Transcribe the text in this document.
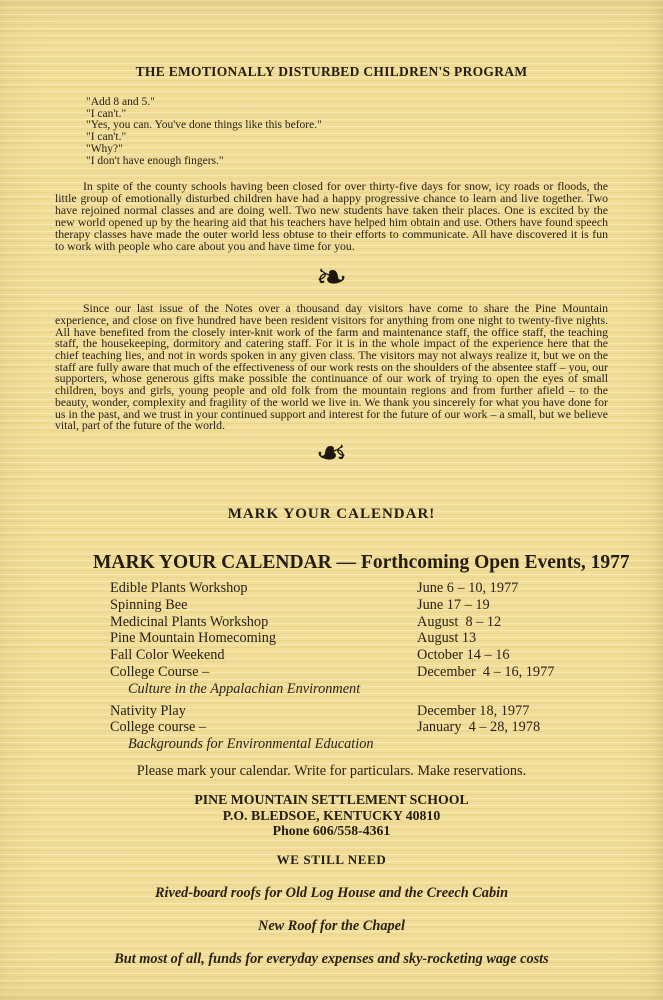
THE EMOTIONALLY DISTURBED CHILDREN'S PROGRAM
"Add 8 and 5."
"I can't."
"Yes, you can. You've done things like this before."
"I can't."
"Why?"
"I don't have enough fingers."

In spite of the county schools having been closed for over thirty-five days for snow, icy roads or floods, the little group of emotionally disturbed children have had a happy progressive chance to learn and live together. Two have rejoined normal classes and are doing well. Two new students have taken their places. One is excited by the new world opened up by the hearing aid that his teachers have helped him obtain and use. Others have found speech therapy classes have made the outer world less obtuse to their efforts to communicate. All have discovered it is fun to work with people who care about you and have time for you.

❧

Since our last issue of the Notes over a thousand day visitors have come to share the Pine Mountain experience, and close on five hundred have been resident visitors for anything from one night to twenty-five nights. All have benefited from the closely inter-knit work of the farm and maintenance staff, the office staff, the teaching staff, the housekeeping, dormitory and catering staff. For it is in the whole impact of the experience here that the chief teaching lies, and not in words spoken in any given class. The visitors may not always realize it, but we on the staff are fully aware that much of the effectiveness of our work rests on the shoulders of the absentee staff – you, our supporters, whose generous gifts make possible the continuance of our work of trying to open the eyes of small children, boys and girls, young people and old folk from the mountain regions and from further afield – to the beauty, wonder, complexity and fragility of the world we live in. We thank you sincerely for what you have done for us in the past, and we trust in your continued support and interest for the future of our work – a small, but we believe vital, part of the future of the world.

❧
MARK YOUR CALENDAR!
MARK YOUR CALENDAR — Forthcoming Open Events, 1977
Edible Plants Workshop	June 6 – 10, 1977
Spinning Bee	June 17 – 19
Medicinal Plants Workshop	August  8 – 12
Pine Mountain Homecoming	August 13
Fall Color Weekend	October 14 – 16
College Course –	December  4 – 16, 1977
Culture in the Appalachian Environment
Nativity Play	December 18, 1977
College course –	January  4 – 28, 1978
Backgrounds for Environmental Education

Please mark your calendar. Write for particulars. Make reservations.

PINE MOUNTAIN SETTLEMENT SCHOOL
P.O. BLEDSOE, KENTUCKY 40810
Phone 606/558-4361
WE STILL NEED
Rived-board roofs for Old Log House and the Creech Cabin
New Roof for the Chapel
But most of all, funds for everyday expenses and sky-rocketing wage costs
